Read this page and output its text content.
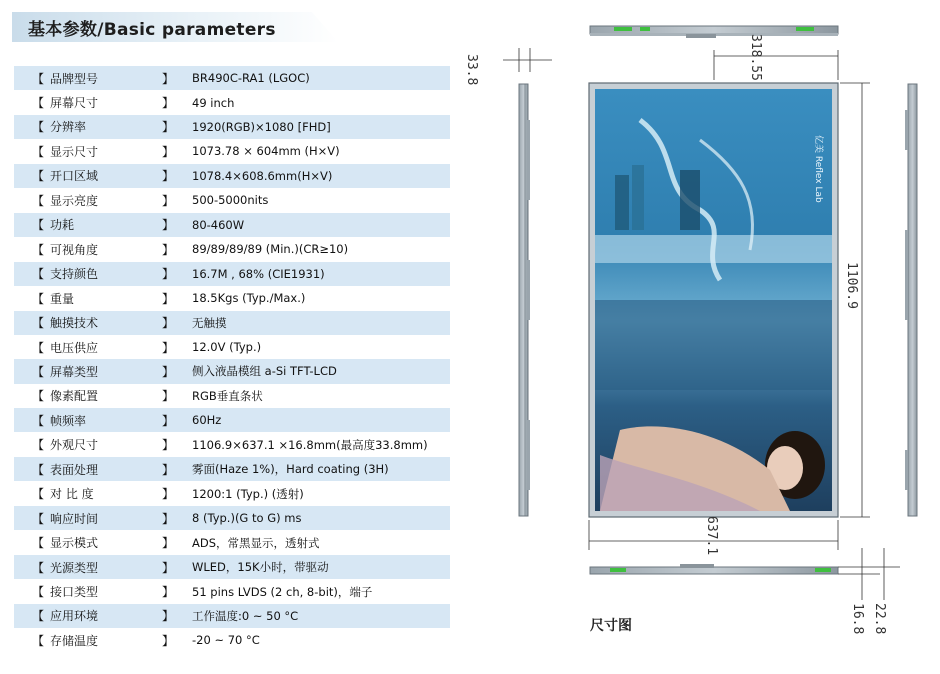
基本参数/Basic parameters
【 品牌型号	】 BR490C-RA1 (LGOC)
【 屏幕尺寸	】 49 inch
【 分辨率	】 1920(RGB)×1080 [FHD]
【 显示尺寸	】 1073.78 × 604mm (H×V)
【 开口区域	】 1078.4×608.6mm(H×V)
【 显示亮度	】 500-5000nits
【 功耗	】 80-460W
【 可视角度	】 89/89/89/89 (Min.)(CR≥10)
【 支持颜色	】 16.7M , 68% (CIE1931)
【 重量	】 18.5Kgs (Typ./Max.)
【 触摸技术	】 无触摸
【 电压供应	】 12.0V (Typ.)
【 屏幕类型	】 侧入液晶模组 a-Si TFT-LCD
【 像素配置	】 RGB垂直条状
【 帧频率	】 60Hz
【 外观尺寸	】 1106.9×637.1 ×16.8mm(最高度33.8mm)
【 表面处理	】 雾面(Haze 1%)，Hard coating (3H)
【 对 比 度	】 1200:1 (Typ.) (透射)
【 响应时间	】 8 (Typ.)(G to G) ms
【 显示模式	】 ADS，常黑显示，透射式
【 光源类型	】 WLED，15K小时，带驱动
【 接口类型	】 51 pins LVDS (2 ch, 8-bit)，端子
【 应用环境	】 工作温度:0 ~ 50 °C
【 存储温度	】 -20 ~ 70 °C
亿美 Reflex Lab
33.8	318.55
1106.9
637.1
16.8 22.8
尺寸图
